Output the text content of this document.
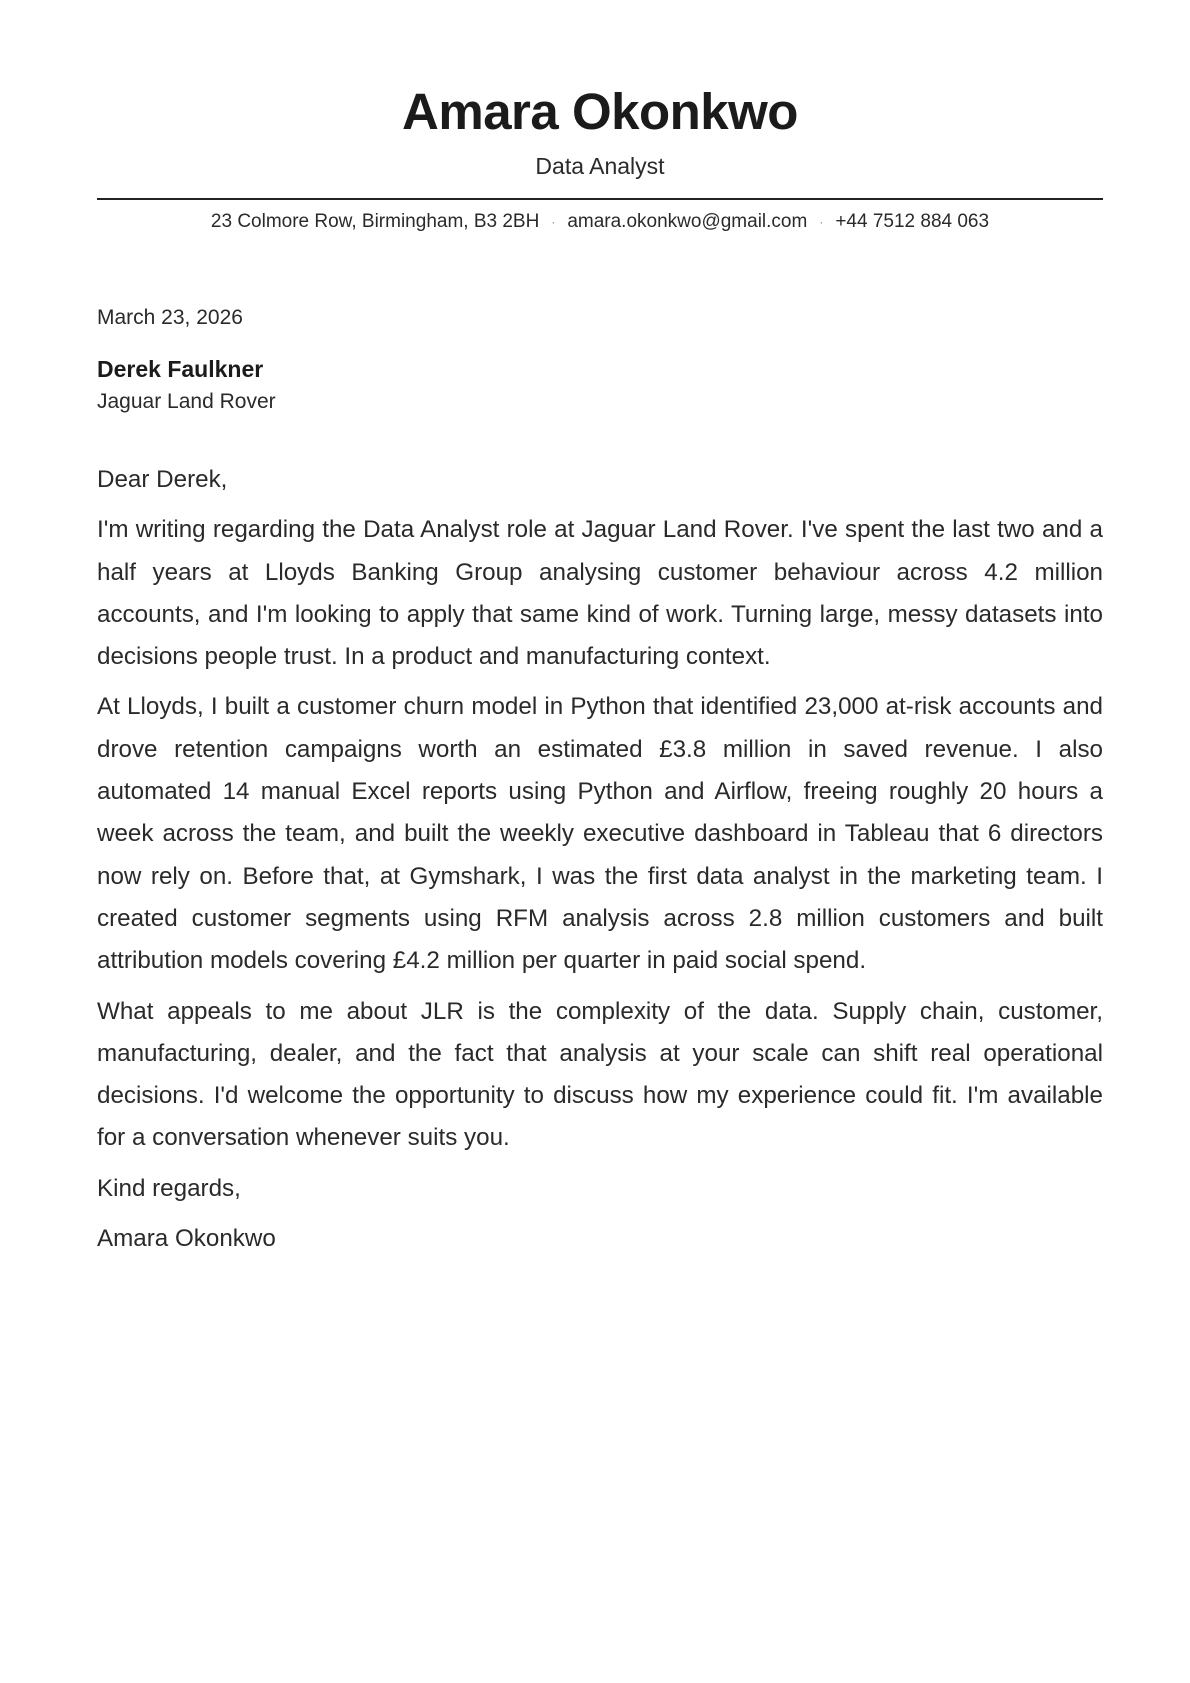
Amara Okonkwo
Data Analyst
23 Colmore Row, Birmingham, B3 2BH · amara.okonkwo@gmail.com · +44 7512 884 063
March 23, 2026
Derek Faulkner
Jaguar Land Rover

Dear Derek,

I'm writing regarding the Data Analyst role at Jaguar Land Rover. I've spent the last two and a half years at Lloyds Banking Group analysing customer behaviour across 4.2 million accounts, and I'm looking to apply that same kind of work. Turning large, messy datasets into decisions people trust. In a product and manufacturing context.

At Lloyds, I built a customer churn model in Python that identified 23,000 at-risk accounts and drove retention campaigns worth an estimated £3.8 million in saved revenue. I also automated 14 manual Excel reports using Python and Airflow, freeing roughly 20 hours a week across the team, and built the weekly executive dashboard in Tableau that 6 directors now rely on. Before that, at Gymshark, I was the first data analyst in the marketing team. I created customer segments using RFM analysis across 2.8 million customers and built attribution models covering £4.2 million per quarter in paid social spend.

What appeals to me about JLR is the complexity of the data. Supply chain, customer, manufacturing, dealer, and the fact that analysis at your scale can shift real operational decisions. I'd welcome the opportunity to discuss how my experience could fit. I'm available for a conversation whenever suits you.

Kind regards,

Amara Okonkwo
